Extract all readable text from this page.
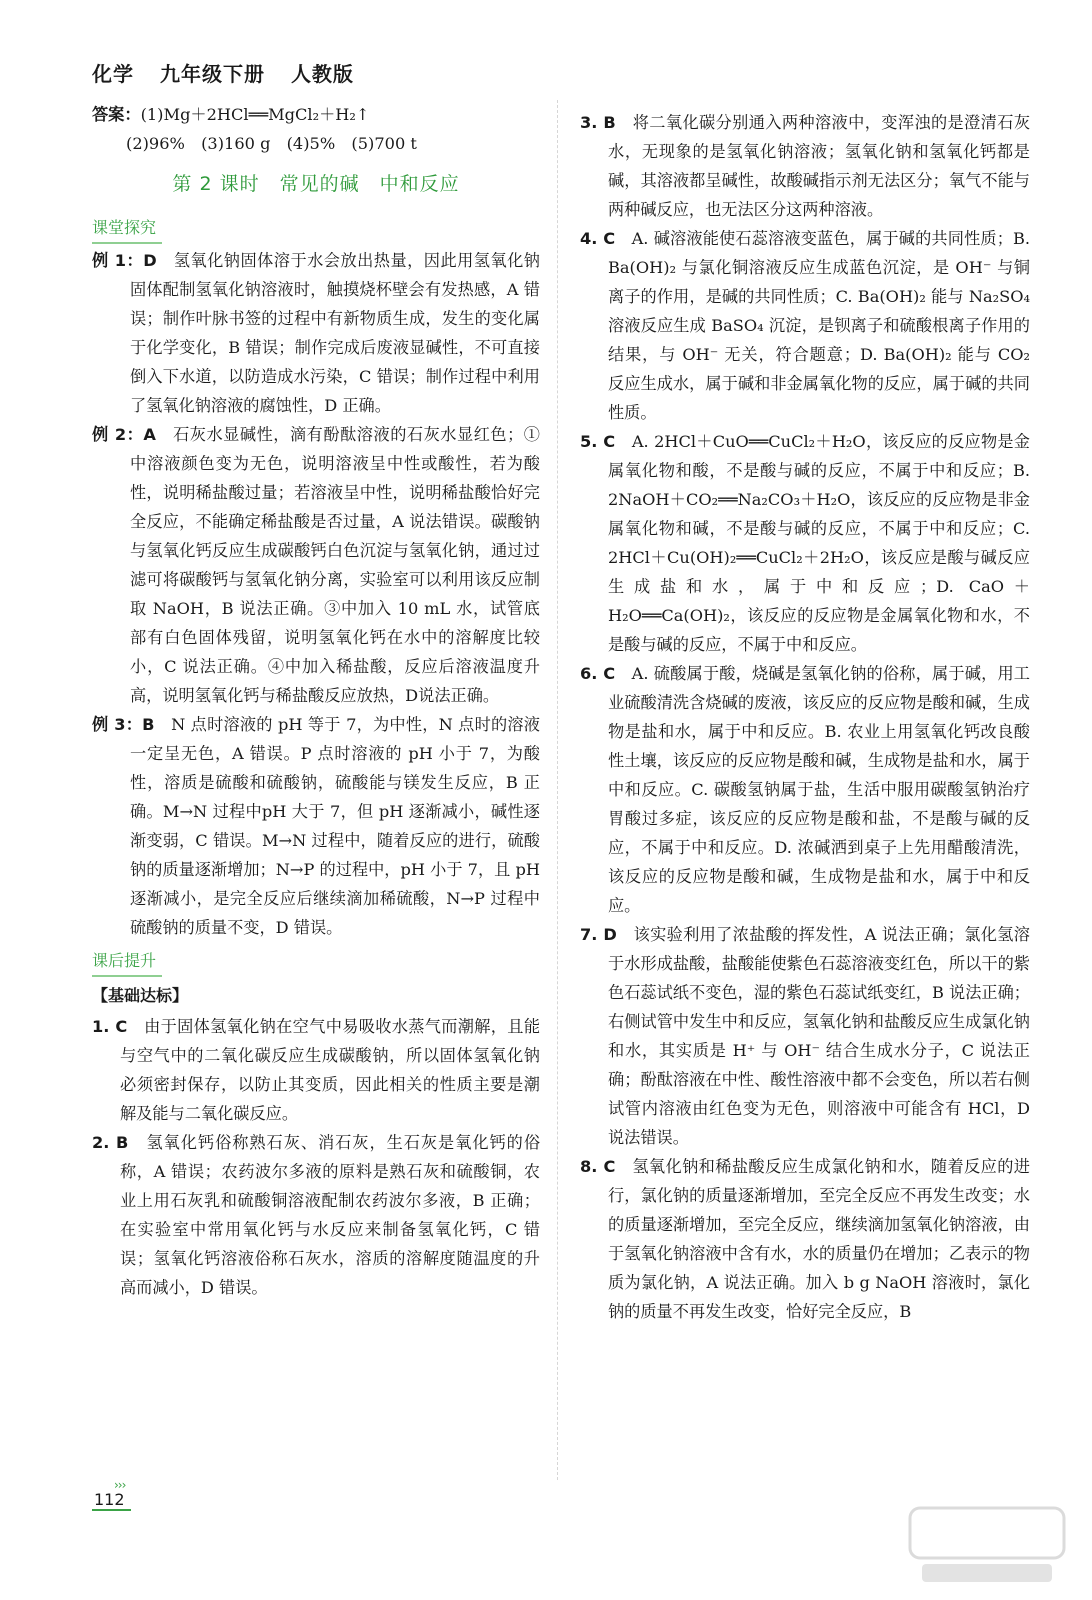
化学 九年级下册 人教版
答案：(1)Mg＋2HCl══MgCl₂＋H₂↑
(2)96%　(3)160 g　(4)5%　(5)700 t
第 2 课时　常见的碱　中和反应
课堂探究

例 1：D　氢氧化钠固体溶于水会放出热量，因此用氢氧化钠固体配制氢氧化钠溶液时，触摸烧杯壁会有发热感，A 错误；制作叶脉书签的过程中有新物质生成，发生的变化属于化学变化，B 错误；制作完成后废液显碱性，不可直接倒入下水道，以防造成水污染，C 错误；制作过程中利用了氢氧化钠溶液的腐蚀性，D 正确。

例 2：A　石灰水显碱性，滴有酚酞溶液的石灰水显红色；①中溶液颜色变为无色，说明溶液呈中性或酸性，若为酸性，说明稀盐酸过量；若溶液呈中性，说明稀盐酸恰好完全反应，不能确定稀盐酸是否过量，A 说法错误。碳酸钠与氢氧化钙反应生成碳酸钙白色沉淀与氢氧化钠，通过过滤可将碳酸钙与氢氧化钠分离，实验室可以利用该反应制取 NaOH，B 说法正确。③中加入 10 mL 水，试管底部有白色固体残留，说明氢氧化钙在水中的溶解度比较小，C 说法正确。④中加入稀盐酸，反应后溶液温度升高，说明氢氧化钙与稀盐酸反应放热，D说法正确。

例 3：B　N 点时溶液的 pH 等于 7，为中性，N 点时的溶液一定呈无色，A 错误。P 点时溶液的 pH 小于 7，为酸性，溶质是硫酸和硫酸钠，硫酸能与镁发生反应，B 正确。M→N 过程中pH 大于 7，但 pH 逐渐减小，碱性逐渐变弱，C 错误。M→N 过程中，随着反应的进行，硫酸钠的质量逐渐增加；N→P 的过程中，pH 小于 7，且 pH 逐渐减小，是完全反应后继续滴加稀硫酸，N→P 过程中硫酸钠的质量不变，D 错误。

课后提升
【基础达标】

1. C　由于固体氢氧化钠在空气中易吸收水蒸气而潮解，且能与空气中的二氧化碳反应生成碳酸钠，所以固体氢氧化钠必须密封保存，以防止其变质，因此相关的性质主要是潮解及能与二氧化碳反应。

2. B　氢氧化钙俗称熟石灰、消石灰，生石灰是氧化钙的俗称，A 错误；农药波尔多液的原料是熟石灰和硫酸铜，农业上用石灰乳和硫酸铜溶液配制农药波尔多液，B 正确；在实验室中常用氧化钙与水反应来制备氢氧化钙，C 错误；氢氧化钙溶液俗称石灰水，溶质的溶解度随温度的升高而减小，D 错误。

3. B　将二氧化碳分别通入两种溶液中，变浑浊的是澄清石灰水，无现象的是氢氧化钠溶液；氢氧化钠和氢氧化钙都是碱，其溶液都呈碱性，故酸碱指示剂无法区分；氧气不能与两种碱反应，也无法区分这两种溶液。

4. C　A. 碱溶液能使石蕊溶液变蓝色，属于碱的共同性质；B. Ba(OH)₂ 与氯化铜溶液反应生成蓝色沉淀，是 OH⁻ 与铜离子的作用，是碱的共同性质；C. Ba(OH)₂ 能与 Na₂SO₄ 溶液反应生成 BaSO₄ 沉淀，是钡离子和硫酸根离子作用的结果，与 OH⁻ 无关，符合题意；D. Ba(OH)₂ 能与 CO₂ 反应生成水，属于碱和非金属氧化物的反应，属于碱的共同性质。

5. C　A. 2HCl＋CuO══CuCl₂＋H₂O，该反应的反应物是金属氧化物和酸，不是酸与碱的反应，不属于中和反应；B. 2NaOH＋CO₂══Na₂CO₃＋H₂O，该反应的反应物是非金属氧化物和碱，不是酸与碱的反应，不属于中和反应；C. 2HCl＋Cu(OH)₂══CuCl₂＋2H₂O，该反应是酸与碱反应生成盐和水，属于中和反应；D. CaO＋H₂O══Ca(OH)₂，该反应的反应物是金属氧化物和水，不是酸与碱的反应，不属于中和反应。

6. C　A. 硫酸属于酸，烧碱是氢氧化钠的俗称，属于碱，用工业硫酸清洗含烧碱的废液，该反应的反应物是酸和碱，生成物是盐和水，属于中和反应。B. 农业上用氢氧化钙改良酸性土壤，该反应的反应物是酸和碱，生成物是盐和水，属于中和反应。C. 碳酸氢钠属于盐，生活中服用碳酸氢钠治疗胃酸过多症，该反应的反应物是酸和盐，不是酸与碱的反应，不属于中和反应。D. 浓碱洒到桌子上先用醋酸清洗，该反应的反应物是酸和碱，生成物是盐和水，属于中和反应。

7. D　该实验利用了浓盐酸的挥发性，A 说法正确；氯化氢溶于水形成盐酸，盐酸能使紫色石蕊溶液变红色，所以干的紫色石蕊试纸不变色，湿的紫色石蕊试纸变红，B 说法正确；右侧试管中发生中和反应，氢氧化钠和盐酸反应生成氯化钠和水，其实质是 H⁺ 与 OH⁻ 结合生成水分子，C 说法正确；酚酞溶液在中性、酸性溶液中都不会变色，所以若右侧试管内溶液由红色变为无色，则溶液中可能含有 HCl，D 说法错误。

8. C　氢氧化钠和稀盐酸反应生成氯化钠和水，随着反应的进行，氯化钠的质量逐渐增加，至完全反应不再发生改变；水的质量逐渐增加，至完全反应，继续滴加氢氧化钠溶液，由于氢氧化钠溶液中含有水，水的质量仍在增加；乙表示的物质为氯化钠，A 说法正确。加入 b g NaOH 溶液时，氯化钠的质量不再发生改变，恰好完全反应，B

›››
112
